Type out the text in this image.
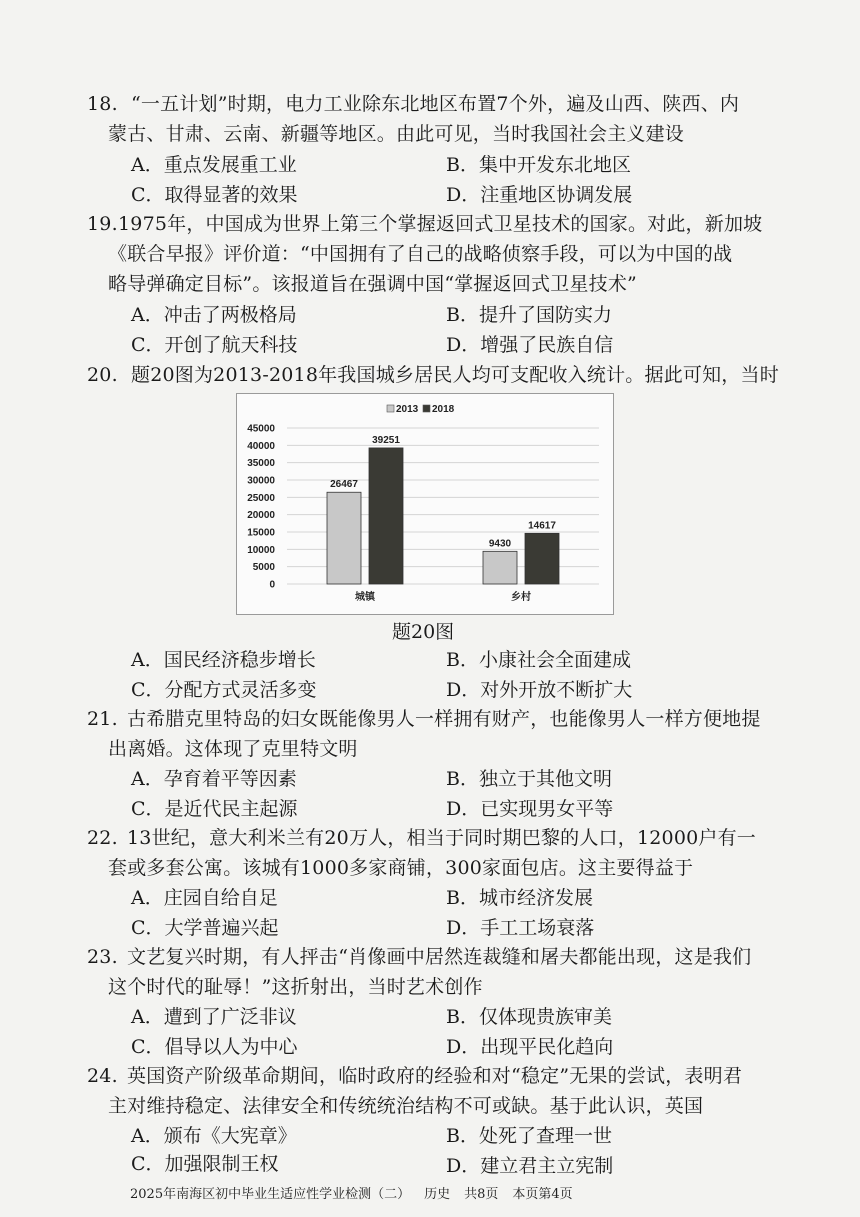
18. “一五计划”时期，电力工业除东北地区布置7个外，遍及山西、陕西、内
蒙古、甘肃、云南、新疆等地区。由此可见，当时我国社会主义建设
A．重点发展重工业	B．集中开发东北地区
C．取得显著的效果	D．注重地区协调发展
19. 1975年，中国成为世界上第三个掌握返回式卫星技术的国家。对此，新加坡
《联合早报》评价道：“中国拥有了自己的战略侦察手段，可以为中国的战
略导弹确定目标”。该报道旨在强调中国“掌握返回式卫星技术”
A．冲击了两极格局	B．提升了国防实力
C．开创了航天科技	D．增强了民族自信
20. 题20图为2013-2018年我国城乡居民人均可支配收入统计。据此可知，当时
0
5000
10000
15000
20000
25000
30000
35000
40000
45000
2013 2018
26467
39251
城镇
9430
14617
乡村
题20图
A．国民经济稳步增长	B．小康社会全面建成
C．分配方式灵活多变	D．对外开放不断扩大
21. 古希腊克里特岛的妇女既能像男人一样拥有财产，也能像男人一样方便地提
出离婚。这体现了克里特文明
A．孕育着平等因素	B．独立于其他文明
C．是近代民主起源	D．已实现男女平等
22. 13世纪，意大利米兰有20万人，相当于同时期巴黎的人口，12000户有一
套或多套公寓。该城有1000多家商铺，300家面包店。这主要得益于
A．庄园自给自足	B．城市经济发展
C．大学普遍兴起	D．手工工场衰落
23. 文艺复兴时期，有人抨击“肖像画中居然连裁缝和屠夫都能出现，这是我们
这个时代的耻辱！”这折射出，当时艺术创作
A．遭到了广泛非议	B．仅体现贵族审美
C．倡导以人为中心	D．出现平民化趋向
24. 英国资产阶级革命期间，临时政府的经验和对“稳定”无果的尝试，表明君
主对维持稳定、法律安全和传统统治结构不可或缺。基于此认识，英国
A．颁布《大宪章》	B．处死了查理一世
C．加强限制王权	D．建立君主立宪制
2025年南海区初中毕业生适应性学业检测（二） 历史 共8页 本页第4页
